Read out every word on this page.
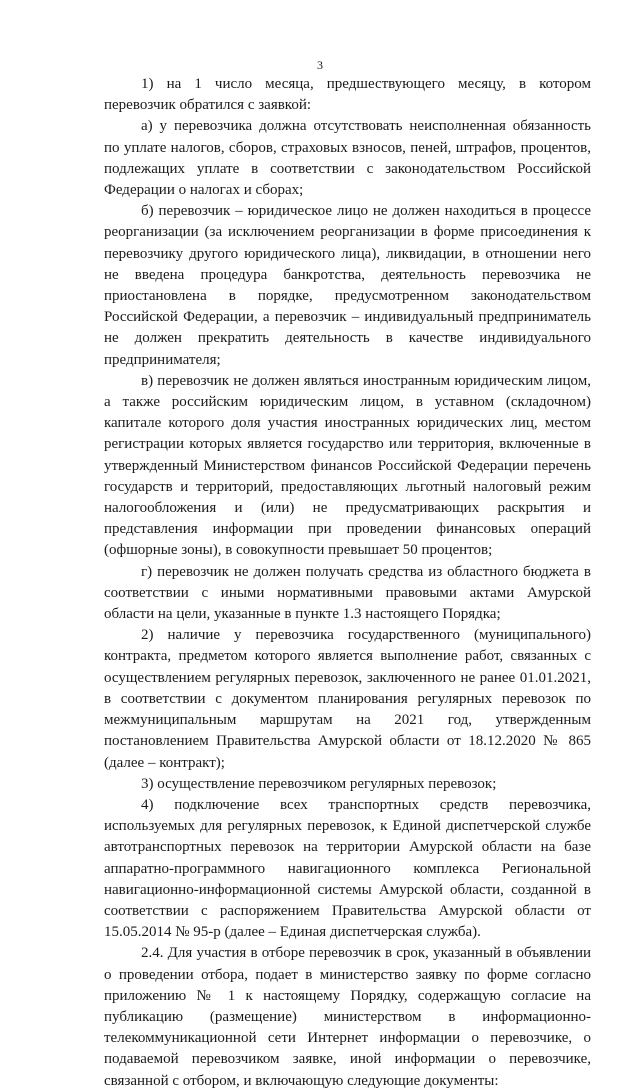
3

1) на 1 число месяца, предшествующего месяцу, в котором перевозчик обратился с заявкой:

а) у перевозчика должна отсутствовать неисполненная обязанность по уплате налогов, сборов, страховых взносов, пеней, штрафов, процентов, подлежащих уплате в соответствии с законодательством Российской Федерации о налогах и сборах;

б) перевозчик – юридическое лицо не должен находиться в процессе реорганизации (за исключением реорганизации в форме присоединения к перевозчику другого юридического лица), ликвидации, в отношении него не введена процедура банкротства, деятельность перевозчика не приостановлена в порядке, предусмотренном законодательством Российской Федерации, а перевозчик – индивидуальный предприниматель не должен прекратить деятельность в качестве индивидуального предпринимателя;

в) перевозчик не должен являться иностранным юридическим лицом, а также российским юридическим лицом, в уставном (складочном) капитале которого доля участия иностранных юридических лиц, местом регистрации которых является государство или территория, включенные в утвержденный Министерством финансов Российской Федерации перечень государств и территорий, предоставляющих льготный налоговый режим налогообложения и (или) не предусматривающих раскрытия и представления информации при проведении финансовых операций (офшорные зоны), в совокупности превышает 50 процентов;

г) перевозчик не должен получать средства из областного бюджета в соответствии с иными нормативными правовыми актами Амурской области на цели, указанные в пункте 1.3 настоящего Порядка;

2) наличие у перевозчика государственного (муниципального) контракта, предметом которого является выполнение работ, связанных с осуществлением регулярных перевозок, заключенного не ранее 01.01.2021, в соответствии с документом планирования регулярных перевозок по межмуниципальным маршрутам на 2021 год, утвержденным постановлением Правительства Амурской области от 18.12.2020 № 865 (далее – контракт);

3) осуществление перевозчиком регулярных перевозок;

4) подключение всех транспортных средств перевозчика, используемых для регулярных перевозок, к Единой диспетчерской службе автотранспортных перевозок на территории Амурской области на базе аппаратно-программного навигационного комплекса Региональной навигационно-информационной системы Амурской области, созданной в соответствии с распоряжением Правительства Амурской области от 15.05.2014 № 95-р (далее – Единая диспетчерская служба).

2.4. Для участия в отборе перевозчик в срок, указанный в объявлении о проведении отбора, подает в министерство заявку по форме согласно приложению № 1 к настоящему Порядку, содержащую согласие на публикацию (размещение) министерством в информационно-телекоммуникационной сети Интернет информации о перевозчике, о подаваемой перевозчиком заявке, иной информации о перевозчике, связанной с отбором, и включающую следующие документы:
